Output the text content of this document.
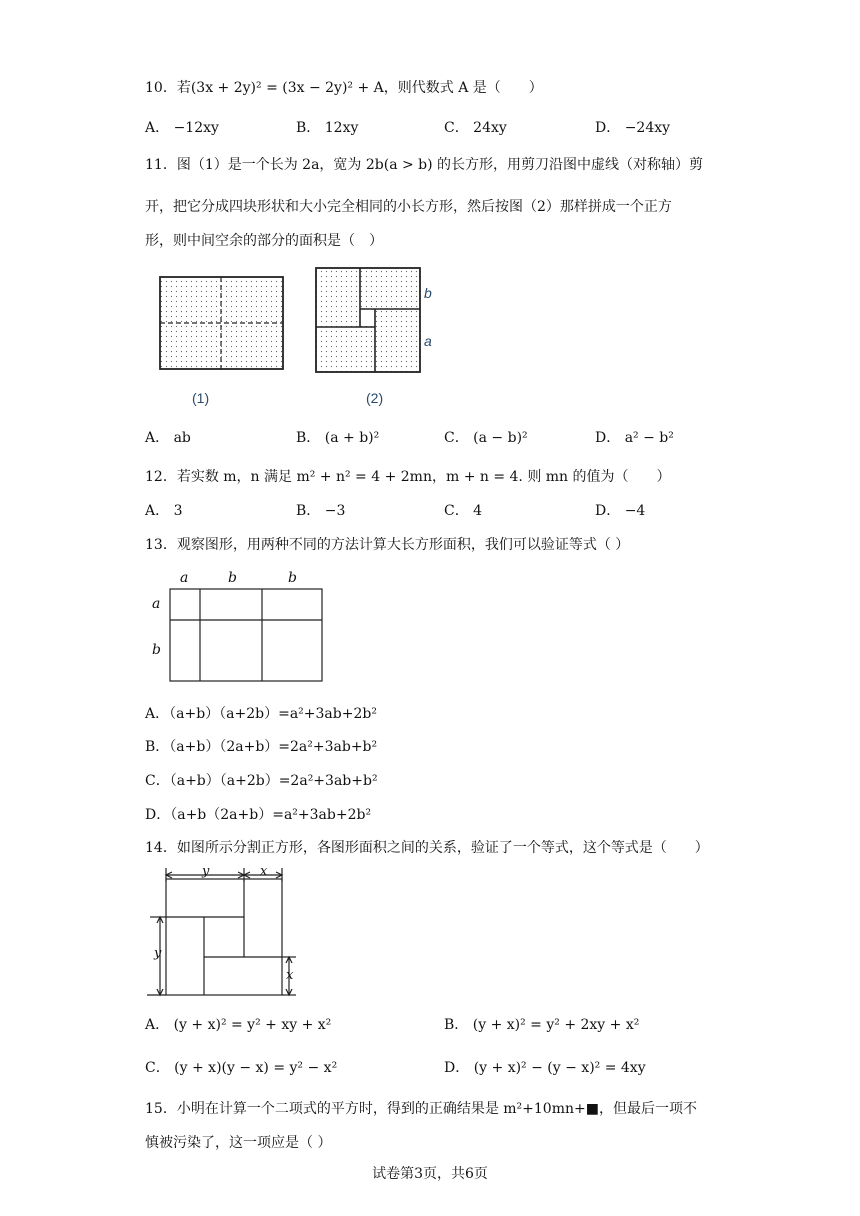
10．若(3x + 2y)² = (3x − 2y)² + A，则代数式 A 是（　　）
A． −12xy	B． 12xy	C． 24xy	D． −24xy
11．图（1）是一个长为 2a，宽为 2b(a > b) 的长方形，用剪刀沿图中虚线（对称轴）剪
开，把它分成四块形状和大小完全相同的小长方形，然后按图（2）那样拼成一个正方
形，则中间空余的部分的面积是（　）
b
a
(1)	(2)
A． ab	B． (a + b)²	C． (a − b)²	D． a² − b²
12．若实数 m，n 满足 m² + n² = 4 + 2mn，m + n = 4. 则 mn 的值为（　　）
A． 3	B． −3	C． 4	D． −4
13．观察图形，用两种不同的方法计算大长方形面积，我们可以验证等式（ ）
a	b	b
a
b
A．（a+b）（a+2b）=a²+3ab+2b²
B．（a+b）（2a+b）=2a²+3ab+b²
C．（a+b）（a+2b）=2a²+3ab+b²
D．（a+b（2a+b）=a²+3ab+2b²
14．如图所示分割正方形，各图形面积之间的关系，验证了一个等式，这个等式是（　　）
y	x
y
x
A． (y + x)² = y² + xy + x²	B． (y + x)² = y² + 2xy + x²
C． (y + x)(y − x) = y² − x²	D． (y + x)² − (y − x)² = 4xy
15．小明在计算一个二项式的平方时，得到的正确结果是 m²+10mn+■，但最后一项不
慎被污染了，这一项应是（ ）
试卷第3页，共6页
